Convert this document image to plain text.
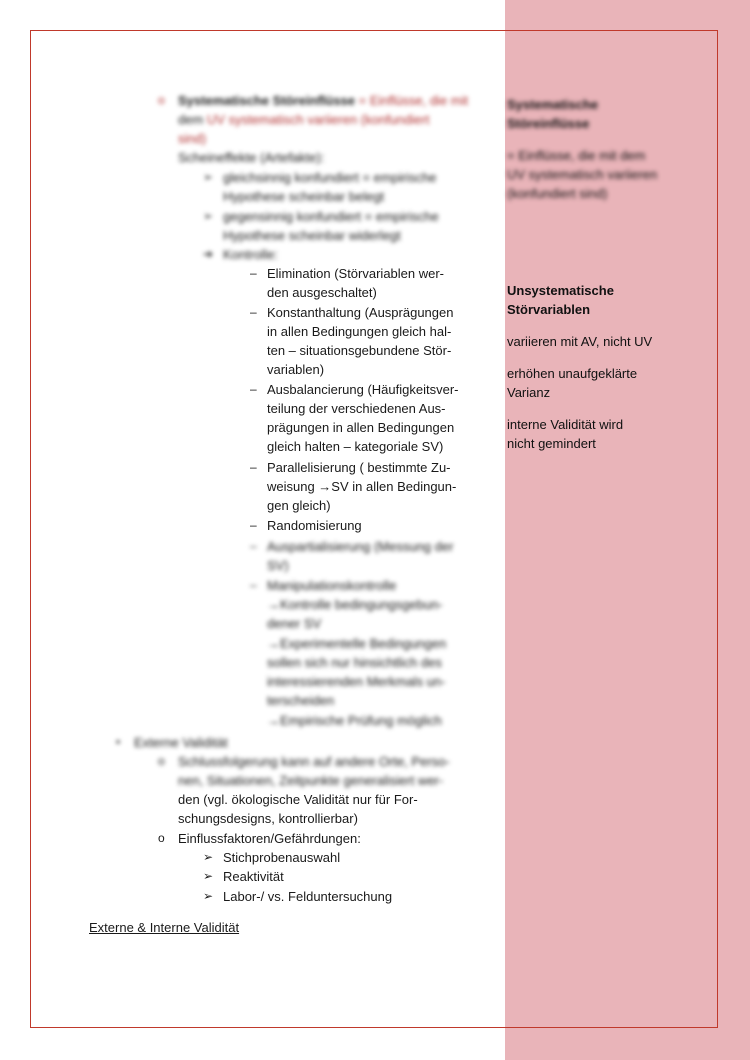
o Systematische Störeinflüsse = Einflüsse, die mit
dem UV systematisch variieren (konfundiert
sind)
Scheineffekte (Artefakte):
➢ gleichsinnig konfundiert = empirische
Hypothese scheinbar belegt
➢ gegensinnig konfundiert = empirische
Hypothese scheinbar widerlegt
➔ Kontrolle:
Systematische
Störeinflüsse
= Einflüsse, die mit dem
UV systematisch variieren
(konfundiert sind)
– Elimination (Störvariablen wer-
den ausgeschaltet)
– Konstanthaltung (Ausprägungen
in allen Bedingungen gleich hal-
ten – situationsgebundene Stör-
variablen)
– Ausbalancierung (Häufigkeitsver-
teilung der verschiedenen Aus-
prägungen in allen Bedingungen
gleich halten – kategoriale SV)
– Parallelisierung ( bestimmte Zu-
weisung →SV in allen Bedingun-
gen gleich)
– Randomisierung
Unsystematische
Störvariablen
variieren mit AV, nicht UV
erhöhen unaufgeklärte
Varianz
interne Validität wird
nicht gemindert
– Auspartialisierung (Messung der
SV)
– Manipulationskontrolle
→Kontrolle bedingungsgebun-
dener SV
→Experimentelle Bedingungen
sollen sich nur hinsichtlich des
interessierenden Merkmals un-
terscheiden
→Empirische Prüfung möglich
• Externe Validität
o Schlussfolgerung kann auf andere Orte, Perso-
nen, Situationen, Zeitpunkte generalisiert wer-
den (vgl. ökologische Validität nur für For-
schungsdesigns, kontrollierbar)
o Einflussfaktoren/Gefährdungen:
➢ Stichprobenauswahl
➢ Reaktivität
➢ Labor-/ vs. Felduntersuchung
Externe & Interne Validität
